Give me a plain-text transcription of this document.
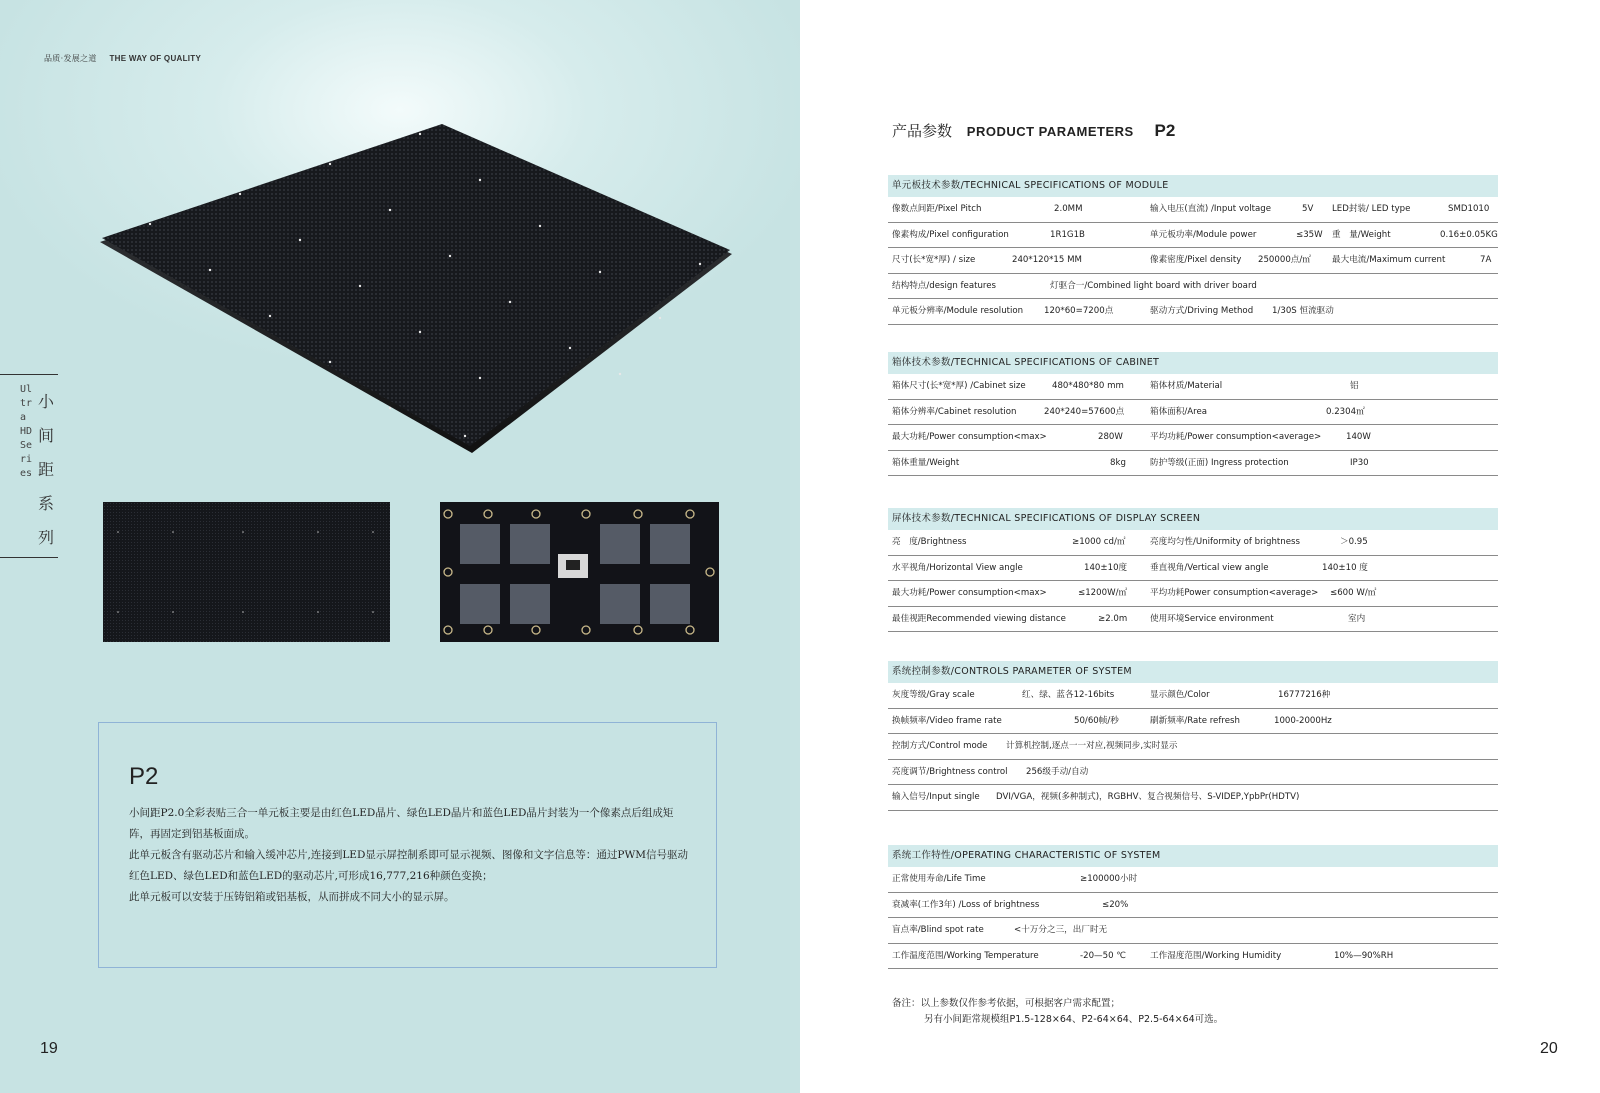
品质·发展之道 THE WAY OF QUALITY
Ultra HD Series
小
间
距
系
列
P2

小间距P2.0全彩表贴三合一单元板主要是由红色LED晶片、绿色LED晶片和蓝色LED晶片封装为一个像素点后组成矩阵，再固定到铝基板面成。

此单元板含有驱动芯片和输入缓冲芯片,连接到LED显示屏控制系即可显示视频、图像和文字信息等：通过PWM信号驱动红色LED、绿色LED和蓝色LED的驱动芯片,可形成16,777,216种颜色变换；

此单元板可以安装于压铸铝箱或铝基板，从而拼成不同大小的显示屏。

19
产品参数 PRODUCT PARAMETERS P2
单元板技术参数/TECHNICAL SPECIFICATIONS OF MODULE
像数点间距/Pixel Pitch	2.0MM	输入电压(直流) /Input voltage	5V LED封装/ LED type	SMD1010
像素构成/Pixel configuration	1R1G1B	单元板功率/Module power	≤35W 重　量/Weight	0.16±0.05KG
尺寸(长*宽*厚) / size	240*120*15 MM	像素密度/Pixel density 250000点/㎡ 最大电流/Maximum current	7A
结构特点/design features	灯驱合一/Combined light board with driver board
单元板分辨率/Module resolution 120*60=7200点	驱动方式/Driving Method 1/30S 恒流驱动
箱体技术参数/TECHNICAL SPECIFICATIONS OF CABINET
箱体尺寸(长*宽*厚) /Cabinet size	480*480*80 mm	箱体材质/Material	铝
箱体分辨率/Cabinet resolution	240*240=57600点	箱体面积/Area	0.2304㎡
最大功耗/Power consumption<max>	280W	平均功耗/Power consumption<average>	140W
箱体重量/Weight	8kg	防护等级(正面) Ingress protection	IP30
屏体技术参数/TECHNICAL SPECIFICATIONS OF DISPLAY SCREEN
亮　度/Brightness	≥1000 cd/㎡	亮度均匀性/Uniformity of brightness	＞0.95
水平视角/Horizontal View angle	140±10度	垂直视角/Vertical view angle	140±10 度
最大功耗/Power consumption<max>	≤1200W/㎡	平均功耗Power consumption<average> ≤600 W/㎡
最佳视距Recommended viewing distance	≥2.0m	使用环境Service environment	室内
系统控制参数/CONTROLS PARAMETER OF SYSTEM
灰度等级/Gray scale	红、绿、蓝各12-16bits	显示颜色/Color	16777216种
换帧频率/Video frame rate	50/60帧/秒	刷新频率/Rate refresh	1000-2000Hz
控制方式/Control mode 计算机控制,逐点一一对应,视频同步,实时显示
亮度调节/Brightness control 256级手动/自动
输入信号/Input single DVI/VGA，视频(多种制式)，RGBHV、复合视频信号、S-VIDEP,YpbPr(HDTV)
系统工作特性/OPERATING CHARACTERISTIC OF SYSTEM
正常使用寿命/Life Time	≥100000小时
衰减率(工作3年) /Loss of brightness	≤20%
盲点率/Blind spot rate	<十万分之三，出厂时无
工作温度范围/Working Temperature	-20—50 ℃	工作湿度范围/Working Humidity	10%—90%RH
备注：以上参数仅作参考依据，可根据客户需求配置；
另有小间距常规模组P1.5-128×64、P2-64×64、P2.5-64×64可选。
20
